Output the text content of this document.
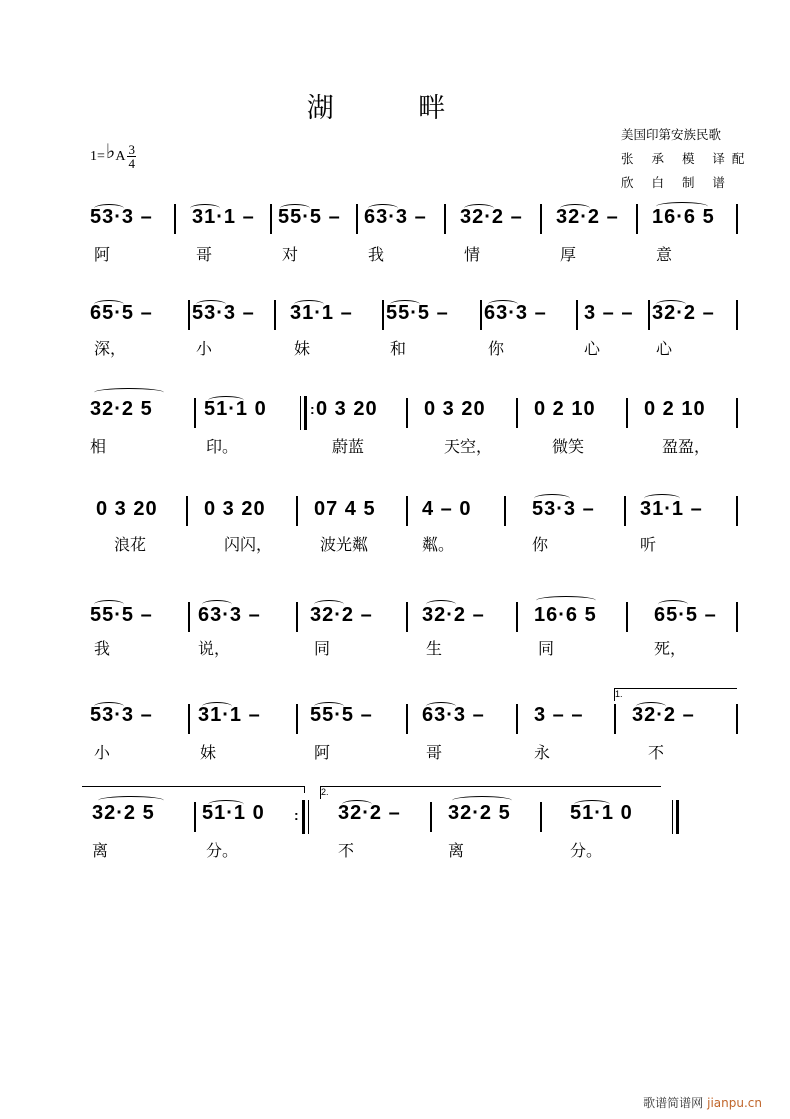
湖 畔
美国印第安族民歌
张 承 模 译配
欣 白 制 谱
1= ♭ A $\frac{3}{4}$
53·3 –
阿
31·1 –
哥
55·5 –
对
63·3 –
我
32·2 –
情
32·2 –
厚
16·6 5
意
65·5 –
深，
53·3 –
小
31·1 –
妹
55·5 –
和
63·3 –
你
3 – –
心
32·2 –
心
32·2 5
相
51·1 0
印。
: 0 3 20
蔚蓝
0 3 20
天空，
0 2 10
微笑
0 2 10
盈盈，
0 3 20
浪花
0 3 20
闪闪，
07 4 5
波光粼
4 – 0
粼。
53·3 –
你
31·1 –
听
55·5 –
我
63·3 –
说，
32·2 –
同
32·2 –
生
16·6 5
同
65·5 –
死，
53·3 –
小
31·1 –
妹
55·5 –
阿
63·3 –
哥
3 – –
永
1.
32·2 –
不
32·2 5
离
51·1 0
分。
:
2.
32·2 –
不
32·2 5
离
51·1 0
分。
歌谱简谱网 jianpu.cn
